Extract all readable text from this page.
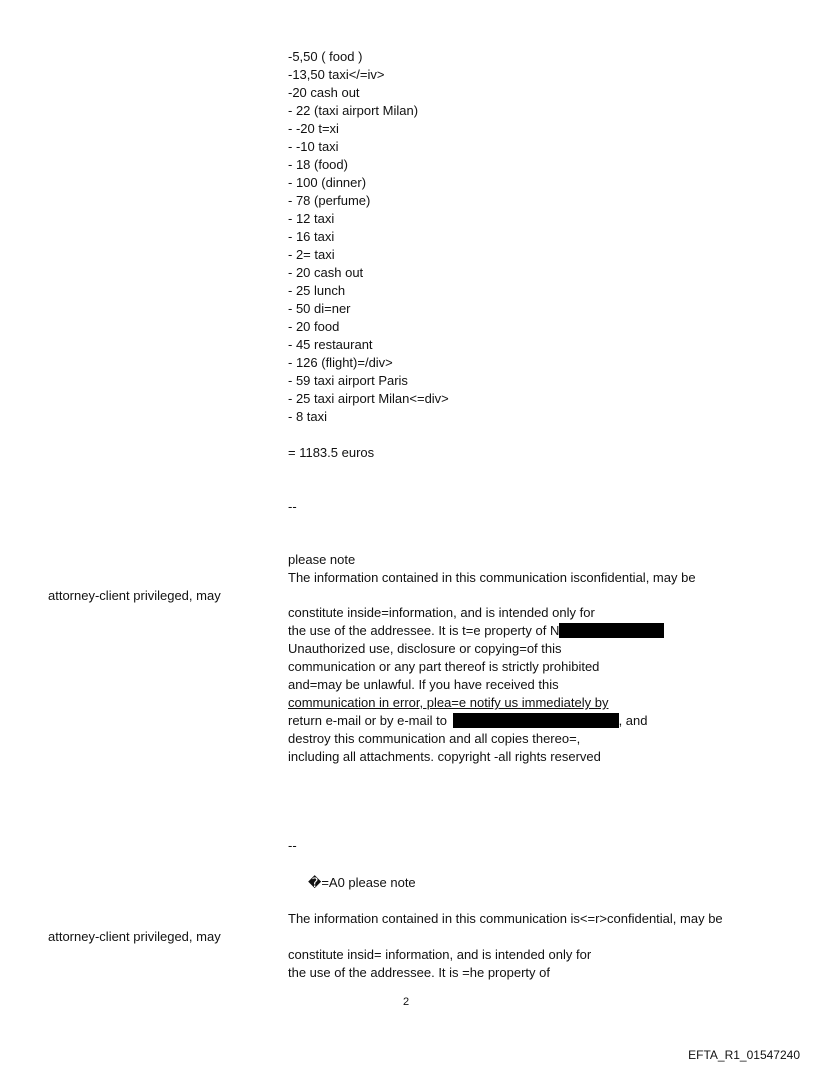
-5,50 ( food )
-13,50 taxi</=iv>
-20 cash out
- 22 (taxi airport Milan)
- -20 t=xi
- -10 taxi
- 18 (food)
- 100 (dinner)
- 78 (perfume)
- 12 taxi
- 16 taxi
- 2= taxi
- 20 cash out
- 25 lunch
- 50 di=ner
- 20 food
- 45 restaurant
- 126 (flight)=/div>
- 59 taxi airport Paris
- 25 taxi airport Milan<=div>
- 8 taxi
= 1183.5 euros
--
please note
The information contained in this communication isconfidential, may be
attorney-client privileged, may
constitute inside=information, and is intended only for
the use of the addressee. It is t=e property of N
Unauthorized use, disclosure or copying=of this
communication or any part thereof is strictly prohibited
and=may be unlawful. If you have received this
communication in error, plea=e notify us immediately by
return e-mail or by e-mail to	, and
destroy this communication and all copies thereo=,
including all attachments. copyright -all rights reserved
--
�=A0 please note
The information contained in this communication is<=r>confidential, may be
attorney-client privileged, may
constitute insid= information, and is intended only for
the use of the addressee. It is =he property of
2
EFTA_R1_01547240
